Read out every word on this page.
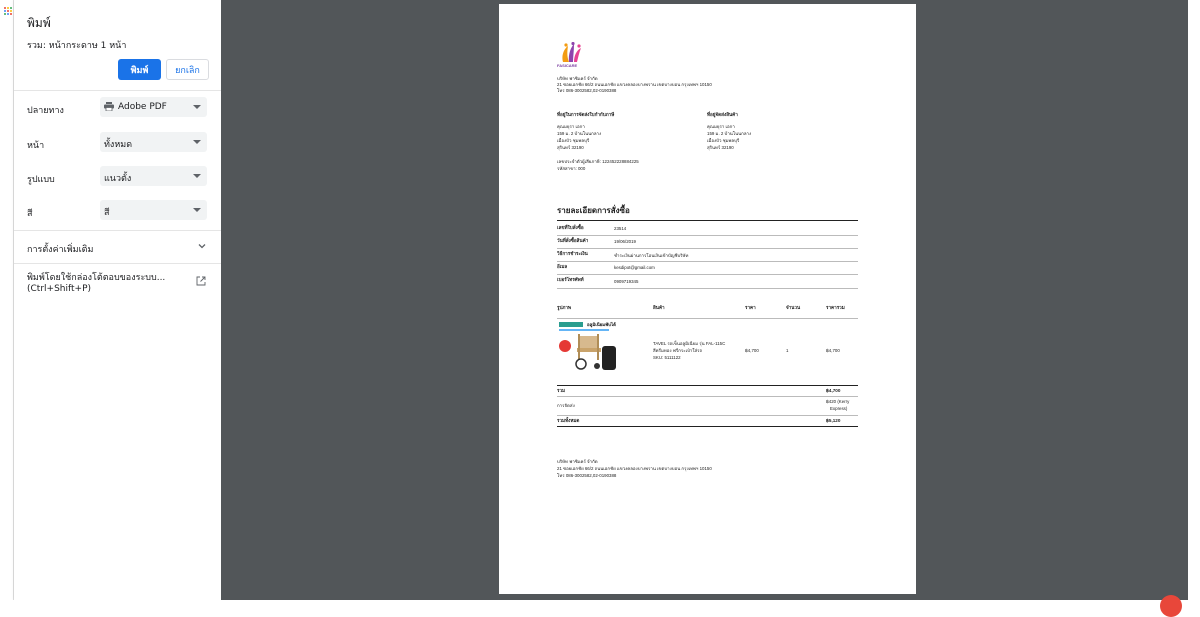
พิมพ์
รวม: หน้ากระดาษ 1 หน้า
พิมพ์	ยกเลิก
ปลายทาง	Adobe PDF
หน้า	ทั้งหมด
รูปแบบ	แนวตั้ง
สี	สี
การตั้งค่าเพิ่มเติม
พิมพ์โดยใช้กล่องโต้ตอบของระบบ...
(Ctrl+Shift+P)
FASICARE
บริษัท ฟาซิแคร์ จำกัด
21 ซอยเอกชัย 66/2 ถนนเอกชัย แขวงคลองบางพราน เขตบางบอน กรุงเทพฯ 10150
โทร 086-3002582,02-0190388
ที่อยู่ในการจัดส่งใบกำกับภาษี
คุณมยุรา เอกา
159 ม. 2 บ้านโนนกลาง
เมืองบัว ชุมพลบุรี
สุรินทร์ 32190
เลขประจำตัวผู้เสียภาษี: 1224522288842​25
รหัสสาขา: 000
ที่อยู่จัดส่งสินค้า
คุณมยุรา เอกา
159 ม. 2 บ้านโนนกลาง
เมืองบัว ชุมพลบุรี
สุรินทร์ 32190
รายละเอียดการสั่งซื้อ
เลขที่ใบสั่งซื้อ	23514
วันที่สั่งซื้อสินค้า	19/06/2019
วิธีการชำระเงิน	ชำระเงินผ่านการโอนเงินเข้าบัญชีบริษัท
อีเมล	kesdipot@gmail.com
เบอร์โทรศัพท์	0909719345
รูปภาพ	สินค้า	ราคา	จำนวน	ราคารวม
อลูมิเนียมพับได้
TAVEL
TAVEL รถเข็นอลูมิเนียม รุ่น FAL-115C
สีครีมทอง ฟรีกระเป๋าใส่รถ
SKU: 5111122
฿4,700	1	฿4,700
รวม	฿4,700
การจัดส่ง
฿420 (Kerry
Express)
รวมทั้งหมด	฿5,120
บริษัท ฟาซิแคร์ จำกัด
21 ซอยเอกชัย 66/2 ถนนเอกชัย แขวงคลองบางพราน เขตบางบอน กรุงเทพฯ 10150
โทร 086-3002582,02-0190388
